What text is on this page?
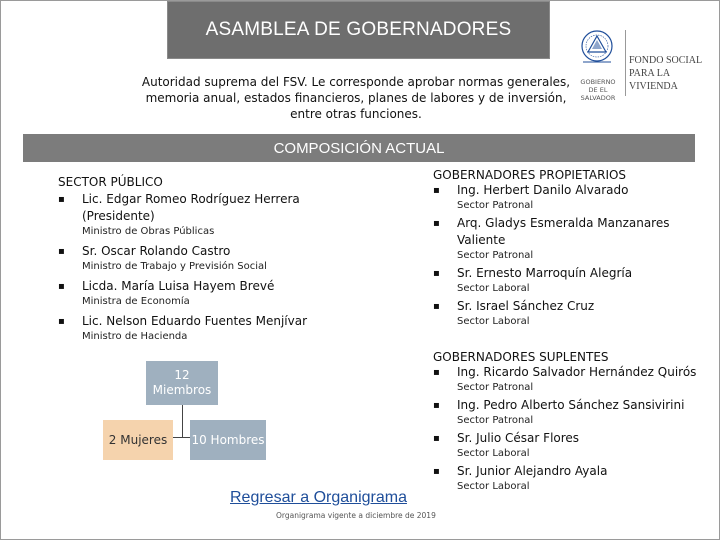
ASAMBLEA DE GOBERNADORES
GOBIERNO
DE EL SALVADOR
FONDO SOCIAL
PARA LA VIVIENDA
Autoridad suprema del FSV. Le corresponde aprobar normas generales, memoria anual, estados financieros, planes de labores y de inversión, entre otras funciones.
COMPOSICIÓN ACTUAL
SECTOR PÚBLICO
▪ Lic. Edgar Romeo Rodríguez Herrera
(Presidente)
Ministro de Obras Públicas
▪ Sr. Oscar Rolando Castro
Ministro de Trabajo y Previsión Social
▪ Licda. María Luisa Hayem Brevé
Ministra de Economía
▪ Lic. Nelson Eduardo Fuentes Menjívar
Ministro de Hacienda
GOBERNADORES PROPIETARIOS
▪ Ing. Herbert Danilo Alvarado
Sector Patronal
▪ Arq. Gladys Esmeralda Manzanares
Valiente
Sector Patronal
▪ Sr. Ernesto Marroquín Alegría
Sector Laboral
▪ Sr. Israel Sánchez Cruz
Sector Laboral
GOBERNADORES SUPLENTES
▪ Ing. Ricardo Salvador Hernández Quirós
Sector Patronal
▪ Ing. Pedro Alberto Sánchez Sansivirini
Sector Patronal
▪ Sr. Julio César Flores
Sector Laboral
▪ Sr. Junior Alejandro Ayala
Sector Laboral
12
Miembros
2 Mujeres 10 Hombres
Regresar a Organigrama
Organigrama vigente a diciembre de 2019
